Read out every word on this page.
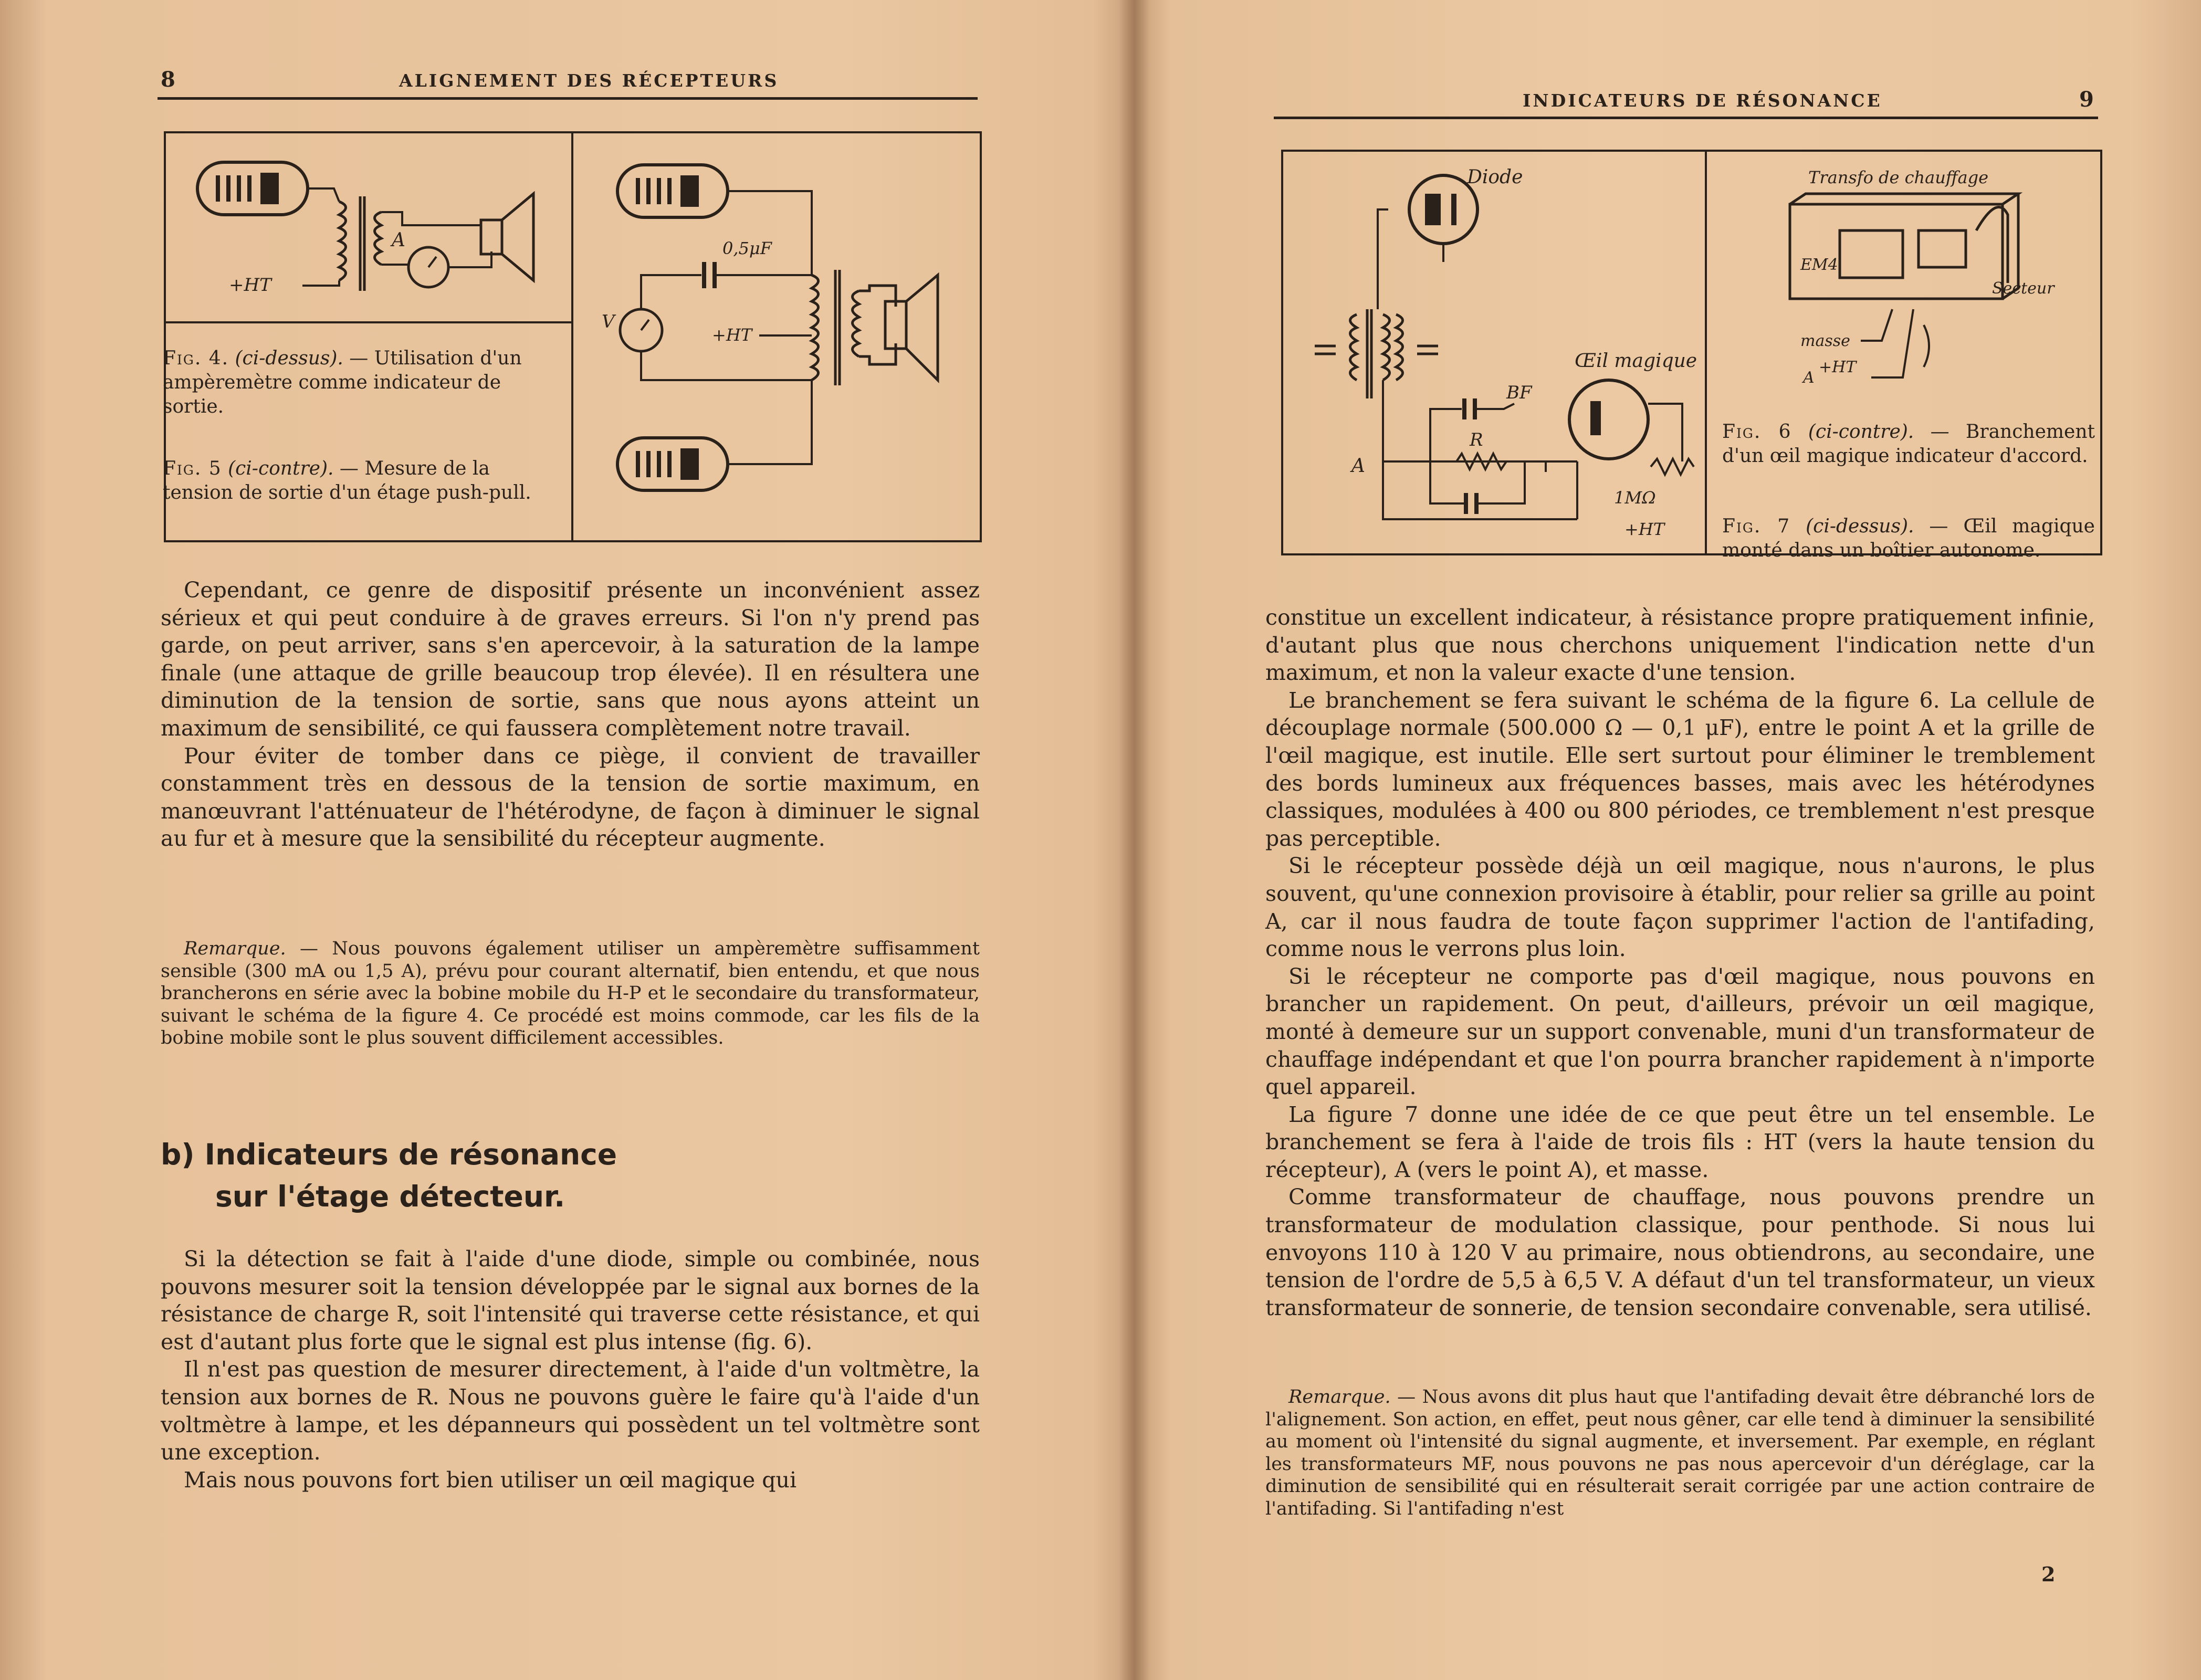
8	ALIGNEMENT DES RÉCEPTEURS
+HT
A
V
0,5μF
+HT
Fig. 4. (ci-dessus). — Utilisation d'un ampèremètre comme indicateur de sortie.
Fig. 5 (ci-contre). — Mesure de la tension de sortie d'un étage push-pull.

Cependant, ce genre de dispositif présente un inconvénient assez sérieux et qui peut conduire à de graves erreurs. Si l'on n'y prend pas garde, on peut arriver, sans s'en apercevoir, à la saturation de la lampe finale (une attaque de grille beaucoup trop élevée). Il en résultera une diminution de la tension de sortie, sans que nous ayons atteint un maximum de sensibilité, ce qui faussera complètement notre travail.

Pour éviter de tomber dans ce piège, il convient de travailler constamment très en dessous de la tension de sortie maximum, en manœuvrant l'atténuateur de l'hétérodyne, de façon à diminuer le signal au fur et à mesure que la sensibilité du récepteur augmente.

Remarque. — Nous pouvons également utiliser un ampèremètre suffisamment sensible (300 mA ou 1,5 A), prévu pour courant alternatif, bien entendu, et que nous brancherons en série avec la bobine mobile du H-P et le secondaire du transformateur, suivant le schéma de la figure 4. Ce procédé est moins commode, car les fils de la bobine mobile sont le plus souvent difficilement accessibles.

b) Indicateurs de résonance
sur l'étage détecteur.

Si la détection se fait à l'aide d'une diode, simple ou combinée, nous pouvons mesurer soit la tension développée par le signal aux bornes de la résistance de charge R, soit l'intensité qui traverse cette résistance, et qui est d'autant plus forte que le signal est plus intense (fig. 6).

Il n'est pas question de mesurer directement, à l'aide d'un voltmètre, la tension aux bornes de R. Nous ne pouvons guère le faire qu'à l'aide d'un voltmètre à lampe, et les dépanneurs qui possèdent un tel voltmètre sont une exception.

Mais nous pouvons fort bien utiliser un œil magique qui

INDICATEURS DE RÉSONANCE	9
Diode
A
BF
R
Œil magique
1MΩ
+HT
Transfo de chauffage
EM4
Secteur
masse
+HT
A
Fig. 6 (ci-contre). — Branchement d'un œil magique indicateur d'accord.
Fig. 7 (ci-dessus). — Œil magique monté dans un boîtier autonome.

constitue un excellent indicateur, à résistance propre pratiquement infinie, d'autant plus que nous cherchons uniquement l'indication nette d'un maximum, et non la valeur exacte d'une tension.

Le branchement se fera suivant le schéma de la figure 6. La cellule de découplage normale (500.000 Ω — 0,1 μF), entre le point A et la grille de l'œil magique, est inutile. Elle sert surtout pour éliminer le tremblement des bords lumineux aux fréquences basses, mais avec les hétérodynes classiques, modulées à 400 ou 800 périodes, ce tremblement n'est presque pas perceptible.

Si le récepteur possède déjà un œil magique, nous n'aurons, le plus souvent, qu'une connexion provisoire à établir, pour relier sa grille au point A, car il nous faudra de toute façon supprimer l'action de l'antifading, comme nous le verrons plus loin.

Si le récepteur ne comporte pas d'œil magique, nous pouvons en brancher un rapidement. On peut, d'ailleurs, prévoir un œil magique, monté à demeure sur un support convenable, muni d'un transformateur de chauffage indépendant et que l'on pourra brancher rapidement à n'importe quel appareil.

La figure 7 donne une idée de ce que peut être un tel ensemble. Le branchement se fera à l'aide de trois fils : HT (vers la haute tension du récepteur), A (vers le point A), et masse.

Comme transformateur de chauffage, nous pouvons prendre un transformateur de modulation classique, pour penthode. Si nous lui envoyons 110 à 120 V au primaire, nous obtiendrons, au secondaire, une tension de l'ordre de 5,5 à 6,5 V. A défaut d'un tel transformateur, un vieux transformateur de sonnerie, de tension secondaire convenable, sera utilisé.

Remarque. — Nous avons dit plus haut que l'antifading devait être débranché lors de l'alignement. Son action, en effet, peut nous gêner, car elle tend à diminuer la sensibilité au moment où l'intensité du signal augmente, et inversement. Par exemple, en réglant les transformateurs MF, nous pouvons ne pas nous apercevoir d'un déréglage, car la diminution de sensibilité qui en résulterait serait corrigée par une action contraire de l'antifading. Si l'antifading n'est

2
